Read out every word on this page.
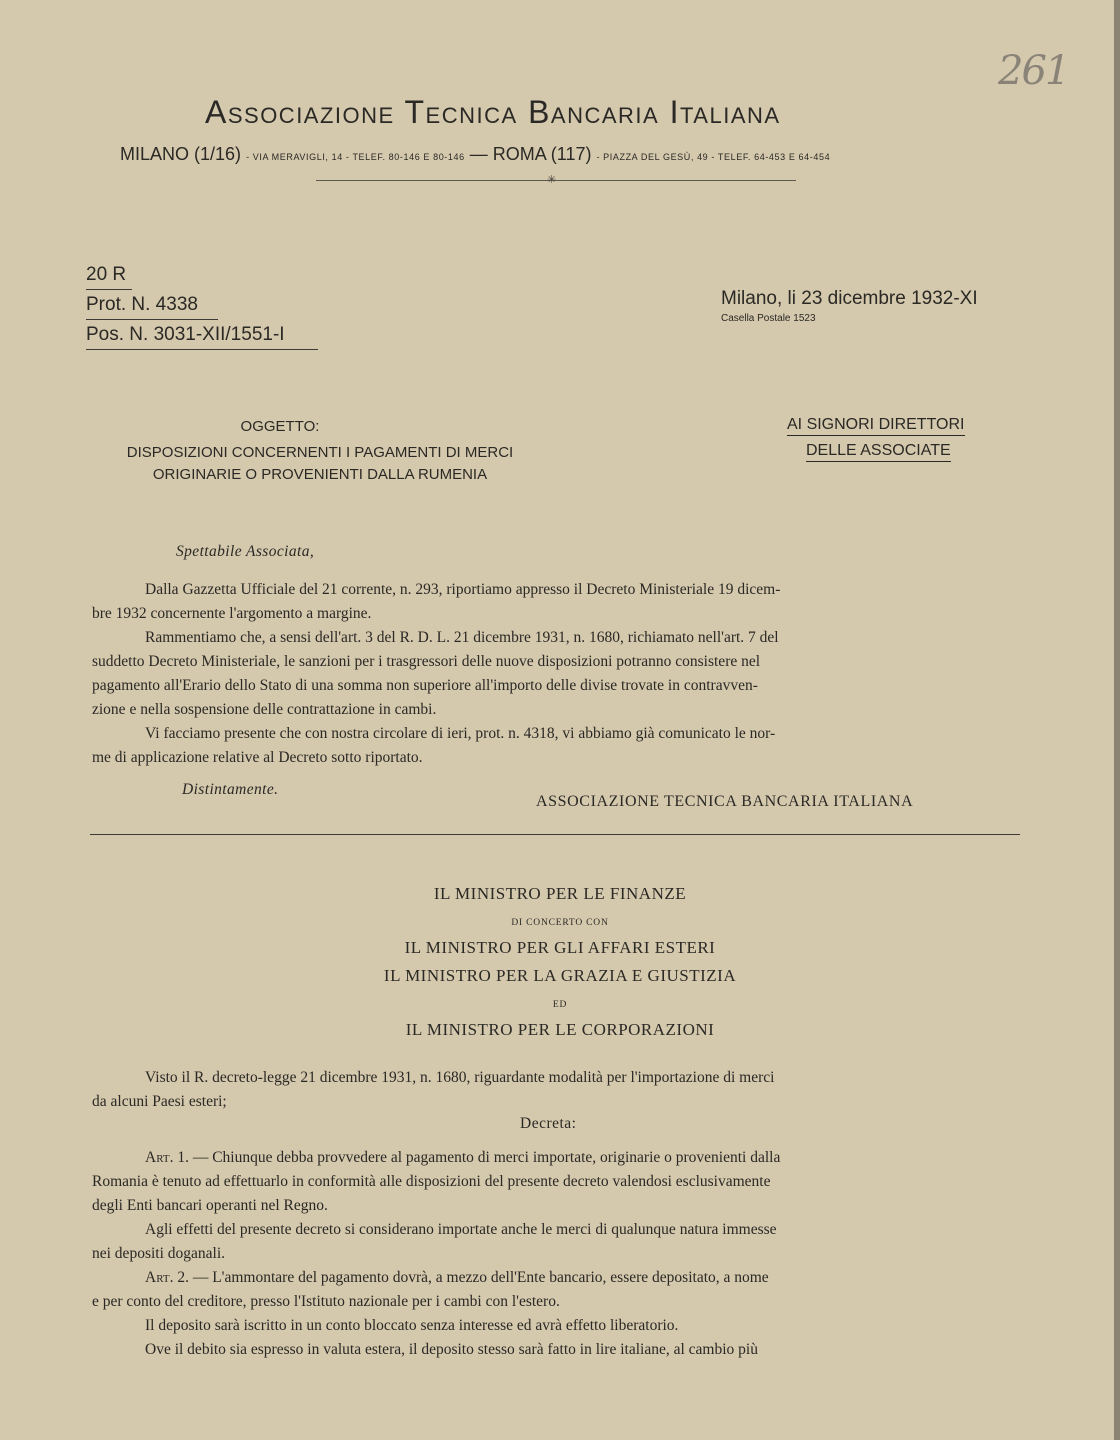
261
Associazione Tecnica Bancaria Italiana
MILANO (1/16) - VIA MERAVIGLI, 14 - TELEF. 80-146 E 80-146 — ROMA (117) - PIAZZA DEL GESÙ, 49 - TELEF. 64-453 E 64-454
✳
20 R
Prot. N. 4338
Pos. N. 3031-XII/1551-I
Milano, li 23 dicembre 1932-XI
Casella Postale 1523
OGGETTO:
DISPOSIZIONI CONCERNENTI I PAGAMENTI DI MERCI
ORIGINARIE O PROVENIENTI DALLA RUMENIA
AI SIGNORI DIRETTORI
DELLE ASSOCIATE
Spettabile Associata,
Dalla Gazzetta Ufficiale del 21 corrente, n. 293, riportiamo appresso il Decreto Ministeriale 19 dicem-
bre 1932 concernente l'argomento a margine.
Rammentiamo che, a sensi dell'art. 3 del R. D. L. 21 dicembre 1931, n. 1680, richiamato nell'art. 7 del
suddetto Decreto Ministeriale, le sanzioni per i trasgressori delle nuove disposizioni potranno consistere nel
pagamento all'Erario dello Stato di una somma non superiore all'importo delle divise trovate in contravven-
zione e nella sospensione delle contrattazione in cambi.
Vi facciamo presente che con nostra circolare di ieri, prot. n. 4318, vi abbiamo già comunicato le nor-
me di applicazione relative al Decreto sotto riportato.
Distintamente.
ASSOCIAZIONE TECNICA BANCARIA ITALIANA
IL MINISTRO PER LE FINANZE
DI CONCERTO CON
IL MINISTRO PER GLI AFFARI ESTERI
IL MINISTRO PER LA GRAZIA E GIUSTIZIA
ED
IL MINISTRO PER LE CORPORAZIONI
Visto il R. decreto-legge 21 dicembre 1931, n. 1680, riguardante modalità per l'importazione di merci
da alcuni Paesi esteri;
Decreta:
Art. 1. — Chiunque debba provvedere al pagamento di merci importate, originarie o provenienti dalla
Romania è tenuto ad effettuarlo in conformità alle disposizioni del presente decreto valendosi esclusivamente
degli Enti bancari operanti nel Regno.
Agli effetti del presente decreto si considerano importate anche le merci di qualunque natura immesse
nei depositi doganali.
Art. 2. — L'ammontare del pagamento dovrà, a mezzo dell'Ente bancario, essere depositato, a nome
e per conto del creditore, presso l'Istituto nazionale per i cambi con l'estero.
Il deposito sarà iscritto in un conto bloccato senza interesse ed avrà effetto liberatorio.
Ove il debito sia espresso in valuta estera, il deposito stesso sarà fatto in lire italiane, al cambio più
